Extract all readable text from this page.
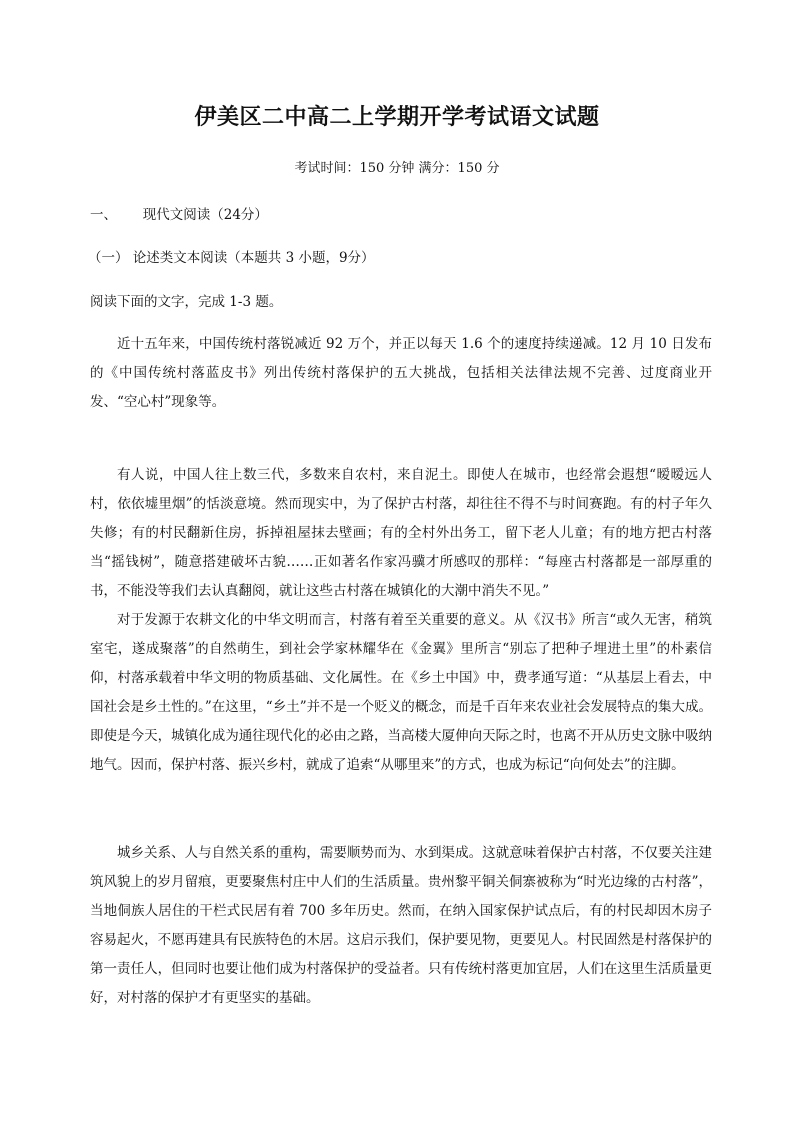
伊美区二中高二上学期开学考试语文试题
考试时间：150 分钟 满分：150 分
一、      现代文阅读（24分）
（一） 论述类文本阅读（本题共 3 小题，9分）
阅读下面的文字，完成 1-3 题。

近十五年来，中国传统村落锐减近 92 万个，并正以每天 1.6 个的速度持续递减。12 月 10 日发布的《中国传统村落蓝皮书》列出传统村落保护的五大挑战，包括相关法律法规不完善、过度商业开发、“空心村”现象等。

有人说，中国人往上数三代，多数来自农村，来自泥土。即使人在城市，也经常会遐想“暧暧远人村，依依墟里烟”的恬淡意境。然而现实中，为了保护古村落，却往往不得不与时间赛跑。有的村子年久失修；有的村民翻新住房，拆掉祖屋抹去壁画；有的全村外出务工，留下老人儿童；有的地方把古村落当“摇钱树”，随意搭建破坏古貌……正如著名作家冯骥才所感叹的那样：“每座古村落都是一部厚重的书，不能没等我们去认真翻阅，就让这些古村落在城镇化的大潮中消失不见。”

对于发源于农耕文化的中华文明而言，村落有着至关重要的意义。从《汉书》所言“或久无害，稍筑室宅，遂成聚落”的自然萌生，到社会学家林耀华在《金翼》里所言“别忘了把种子埋进土里”的朴素信仰，村落承载着中华文明的物质基础、文化属性。在《乡土中国》中，费孝通写道：“从基层上看去，中国社会是乡土性的。”在这里，“乡土”并不是一个贬义的概念，而是千百年来农业社会发展特点的集大成。即使是今天，城镇化成为通往现代化的必由之路，当高楼大厦伸向天际之时，也离不开从历史文脉中吸纳地气。因而，保护村落、振兴乡村，就成了追索“从哪里来”的方式，也成为标记“向何处去”的注脚。

城乡关系、人与自然关系的重构，需要顺势而为、水到渠成。这就意味着保护古村落，不仅要关注建筑风貌上的岁月留痕，更要聚焦村庄中人们的生活质量。贵州黎平铜关侗寨被称为“时光边缘的古村落”，当地侗族人居住的干栏式民居有着 700 多年历史。然而，在纳入国家保护试点后，有的村民却因木房子容易起火，不愿再建具有民族特色的木居。这启示我们，保护要见物，更要见人。村民固然是村落保护的第一责任人，但同时也要让他们成为村落保护的受益者。只有传统村落更加宜居，人们在这里生活质量更好，对村落的保护才有更坚实的基础。
